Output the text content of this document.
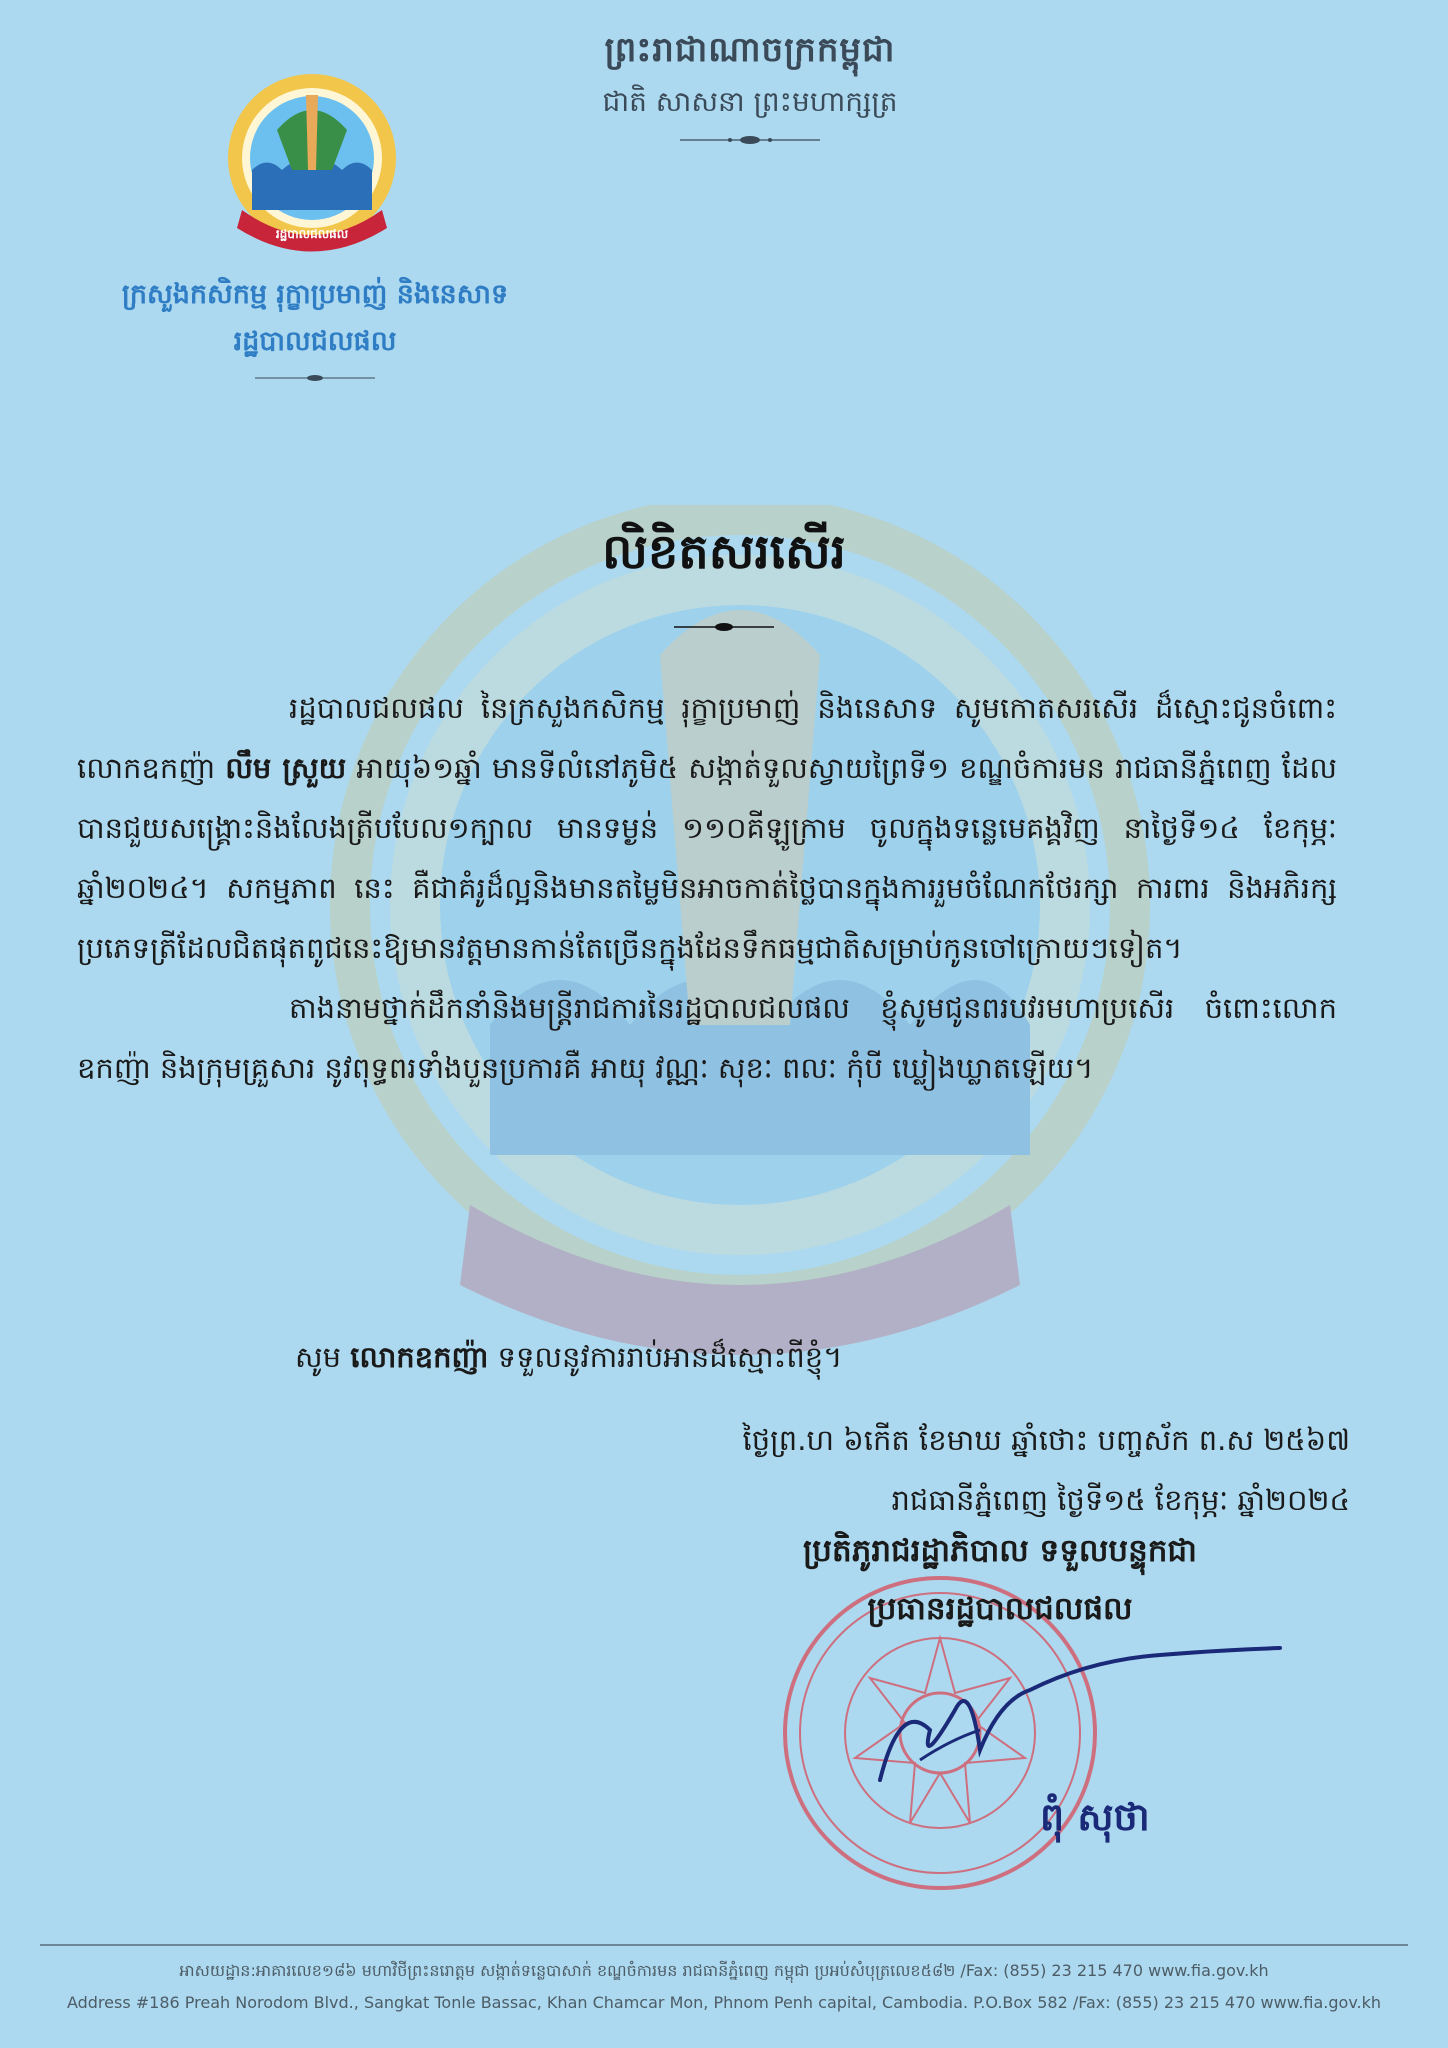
ព្រះរាជាណាចក្រកម្ពុជា
ជាតិ សាសនា ព្រះមហាក្សត្រ
រដ្ឋបាលជលផល
ក្រសួងកសិកម្ម រុក្ខាប្រមាញ់ និងនេសាទ
រដ្ឋបាលជលផល
លិខិតសរសើរ

រដ្ឋបាលជលផល នៃក្រសួងកសិកម្ម រុក្ខាប្រមាញ់ និងនេសាទ សូមកោតសរសើរ ដ៏ស្មោះជូនចំពោះ លោកឧកញ៉ា លឹម ស្រួយ អាយុ៦១ឆ្នាំ មានទីលំនៅភូមិ៥ សង្កាត់ទួលស្វាយព្រៃទី១ ខណ្ឌចំការមន រាជធានីភ្នំពេញ ដែលបានជួយសង្គ្រោះនិងលែងត្រីបបែល១ក្បាល មានទម្ងន់ ១១០គីឡូក្រាម ចូលក្នុងទន្លេមេគង្គវិញ នាថ្ងៃទី១៤ ខែកុម្ភៈ ឆ្នាំ២០២៤។ សកម្មភាព នេះ គឺជាគំរូដ៏ល្អនិងមានតម្លៃមិនអាចកាត់ថ្លៃបានក្នុងការរួមចំណែកថែរក្សា ការពារ និងអភិរក្សប្រភេទត្រីដែលជិតផុតពូជនេះឱ្យមានវត្តមានកាន់តែច្រើនក្នុងដែនទឹកធម្មជាតិសម្រាប់កូនចៅក្រោយៗទៀត។

តាងនាមថ្នាក់ដឹកនាំនិងមន្ត្រីរាជការនៃរដ្ឋបាលជលផល ខ្ញុំសូមជូនពរបវរមហាប្រសើរ ចំពោះលោកឧកញ៉ា និងក្រុមគ្រួសារ នូវពុទ្ធពរទាំងបួនប្រការគឺ អាយុ វណ្ណៈ សុខៈ ពលៈ កុំបី ឃ្លៀងឃ្លាតឡើយ។

សូម លោកឧកញ៉ា ទទួលនូវការរាប់អានដ៏ស្មោះពីខ្ញុំ។
ថ្ងៃព្រ.ហ ៦កើត ខែមាឃ ឆ្នាំថោះ បញ្ចស័ក ព.ស ២៥៦៧
រាជធានីភ្នំពេញ ថ្ងៃទី១៥ ខែកុម្ភៈ ឆ្នាំ២០២៤
ប្រតិភូរាជរដ្ឋាភិបាល ទទួលបន្ទុកជា
ប្រធានរដ្ឋបាលជលផល
ពុំ សុថា
អាសយដ្ឋាន:អាគារលេខ១៨៦ មហាវិថីព្រះនរោត្តម សង្កាត់ទន្លេបាសាក់ ខណ្ឌចំការមន រាជធានីភ្នំពេញ កម្ពុជា ប្រអប់សំបុត្រលេខ៥៨២ /Fax: (855) 23 215 470 www.fia.gov.kh
Address #186 Preah Norodom Blvd., Sangkat Tonle Bassac, Khan Chamcar Mon, Phnom Penh capital, Cambodia. P.O.Box 582 /Fax: (855) 23 215 470 www.fia.gov.kh
